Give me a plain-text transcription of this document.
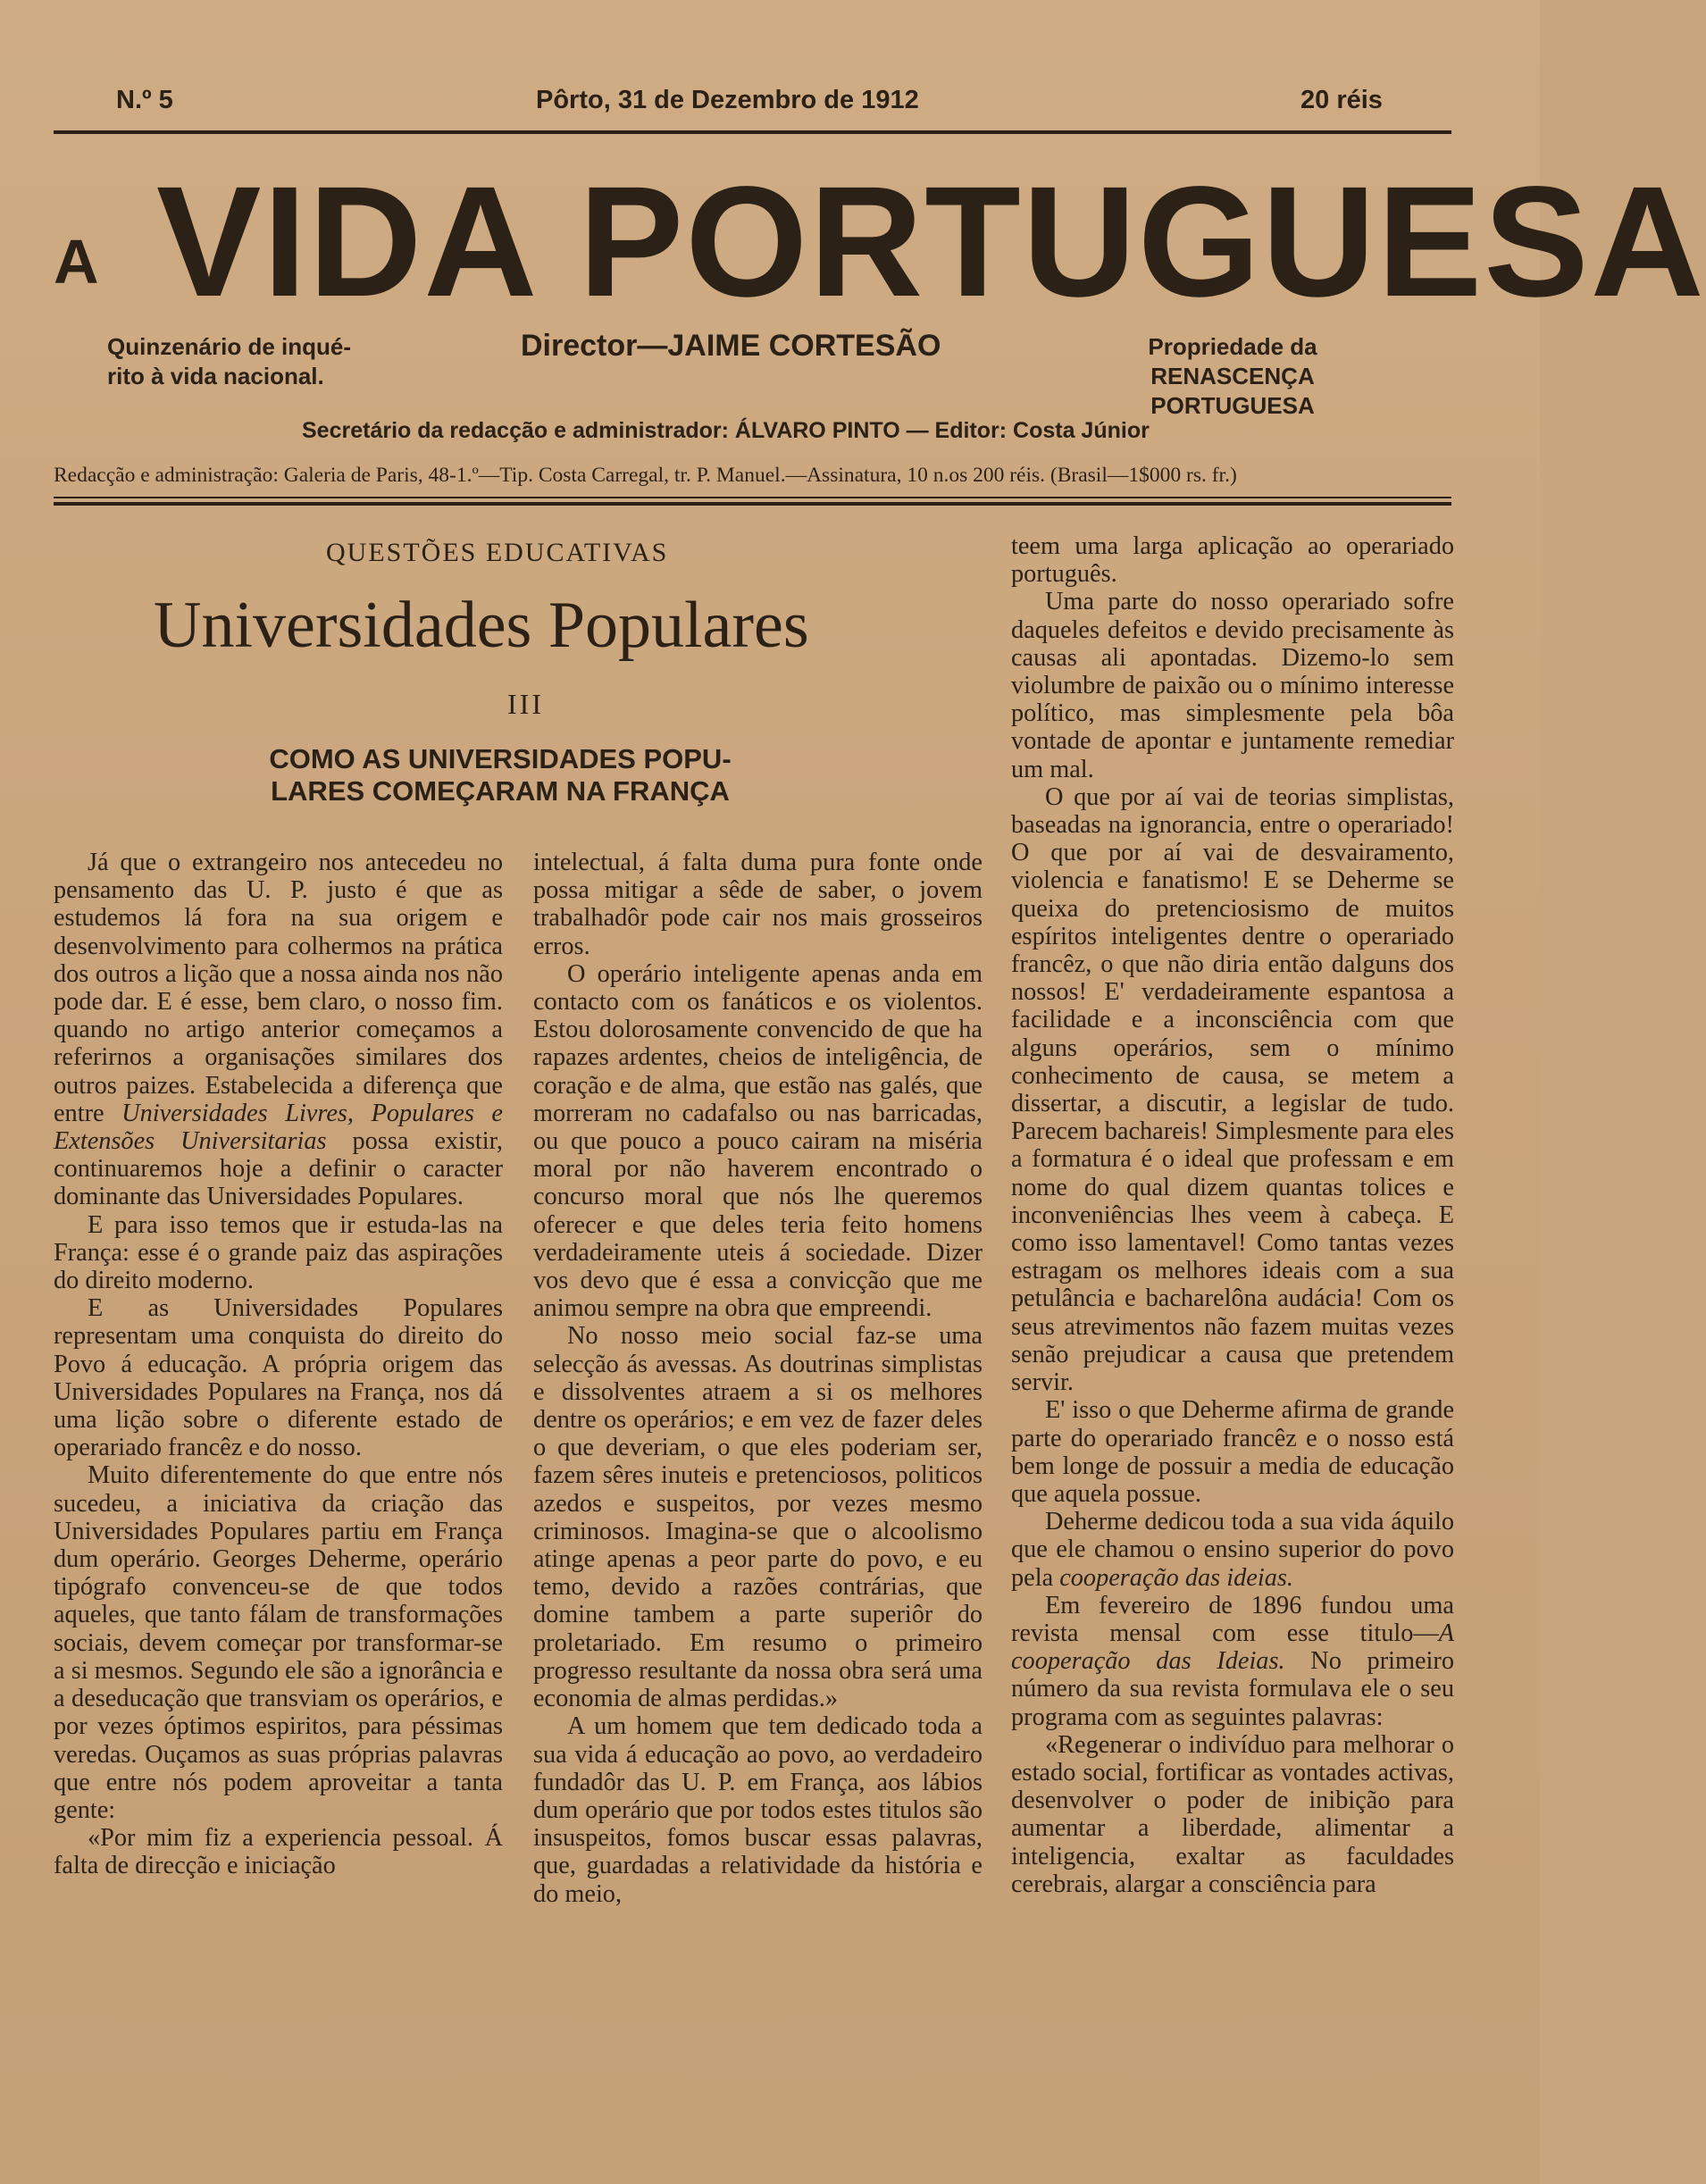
N.º 5	Pôrto, 31 de Dezembro de 1912	20 réis
A VIDA PORTUGUESA
Quinzenário de inqué-
rito à vida nacional.
Director—JAIME CORTESÃO	Propriedade da
RENASCENÇA PORTUGUESA
Secretário da redacção e administrador: ÁLVARO PINTO — Editor: Costa Júnior
Redacção e administração: Galeria de Paris, 48-1.º—Tip. Costa Carregal, tr. P. Manuel.—Assinatura, 10 n.os 200 réis. (Brasil—1$000 rs. fr.)
QUESTÕES EDUCATIVAS
Universidades Populares
III
COMO AS UNIVERSIDADES POPU-
LARES COMEÇARAM NA FRANÇA

Já que o extrangeiro nos antecedeu no pensamento das U. P. justo é que as estudemos lá fora na sua origem e desenvolvimento para colhermos na prática dos outros a lição que a nossa ainda nos não pode dar. E é esse, bem claro, o nosso fim. quando no artigo anterior começamos a referirnos a organisações similares dos outros paizes. Estabelecida a diferença que entre Universidades Livres, Populares e Extensões Universitarias possa existir, continuaremos hoje a definir o caracter dominante das Universidades Populares.

E para isso temos que ir estuda-las na França: esse é o grande paiz das aspirações do direito moderno.

E as Universidades Populares representam uma conquista do direito do Povo á educação. A própria origem das Universidades Populares na França, nos dá uma lição sobre o diferente estado de operariado francêz e do nosso.

Muito diferentemente do que entre nós sucedeu, a iniciativa da criação das Universidades Populares partiu em França dum operário. Georges Deherme, operário tipógrafo convenceu-se de que todos aqueles, que tanto fálam de transformações sociais, devem começar por transformar-se a si mesmos. Segundo ele são a ignorância e a deseducação que transviam os operários, e por vezes óptimos espiritos, para péssimas veredas. Ouçamos as suas próprias palavras que entre nós podem aproveitar a tanta gente:

«Por mim fiz a experiencia pessoal. Á falta de direcção e iniciação

intelectual, á falta duma pura fonte onde possa mitigar a sêde de saber, o jovem trabalhadôr pode cair nos mais grosseiros erros.

O operário inteligente apenas anda em contacto com os fanáticos e os violentos. Estou dolorosamente convencido de que ha rapazes ardentes, cheios de inteligência, de coração e de alma, que estão nas galés, que morreram no cadafalso ou nas barricadas, ou que pouco a pouco cairam na miséria moral por não haverem encontrado o concurso moral que nós lhe queremos oferecer e que deles teria feito homens verdadeiramente uteis á sociedade. Dizer vos devo que é essa a convicção que me animou sempre na obra que empreendi.

No nosso meio social faz-se uma selecção ás avessas. As doutrinas simplistas e dissolventes atraem a si os melhores dentre os operários; e em vez de fazer deles o que deveriam, o que eles poderiam ser, fazem sêres inuteis e pretenciosos, politicos azedos e suspeitos, por vezes mesmo criminosos. Imagina-se que o alcoolismo atinge apenas a peor parte do povo, e eu temo, devido a razões contrárias, que domine tambem a parte superiôr do proletariado. Em resumo o primeiro progresso resultante da nossa obra será uma economia de almas perdidas.»

A um homem que tem dedicado toda a sua vida á educação ao povo, ao verdadeiro fundadôr das U. P. em França, aos lábios dum operário que por todos estes titulos são insuspeitos, fomos buscar essas palavras, que, guardadas a relatividade da história e do meio,

teem uma larga aplicação ao operariado português.

Uma parte do nosso operariado sofre daqueles defeitos e devido precisamente às causas ali apontadas. Dizemo-lo sem violumbre de paixão ou o mínimo interesse político, mas simplesmente pela bôa vontade de apontar e juntamente remediar um mal.

O que por aí vai de teorias simplistas, baseadas na ignorancia, entre o operariado! O que por aí vai de desvairamento, violencia e fanatismo! E se Deherme se queixa do pretenciosismo de muitos espíritos inteligentes dentre o operariado francêz, o que não diria então dalguns dos nossos! E' verdadeiramente espantosa a facilidade e a inconsciência com que alguns operários, sem o mínimo conhecimento de causa, se metem a dissertar, a discutir, a legislar de tudo. Parecem bachareis! Simplesmente para eles a formatura é o ideal que professam e em nome do qual dizem quantas tolices e inconveniências lhes veem à cabeça. E como isso lamentavel! Como tantas vezes estragam os melhores ideais com a sua petulância e bacharelôna audácia! Com os seus atrevimentos não fazem muitas vezes senão prejudicar a causa que pretendem servir.

E' isso o que Deherme afirma de grande parte do operariado francêz e o nosso está bem longe de possuir a media de educação que aquela possue.

Deherme dedicou toda a sua vida áquilo que ele chamou o ensino superior do povo pela cooperação das ideias.

Em fevereiro de 1896 fundou uma revista mensal com esse titulo—A cooperação das Ideias. No primeiro número da sua revista formulava ele o seu programa com as seguintes palavras:

«Regenerar o indivíduo para melhorar o estado social, fortificar as vontades activas, desenvolver o poder de inibição para aumentar a liberdade, alimentar a inteligencia, exaltar as faculdades cerebrais, alargar a consciência para
